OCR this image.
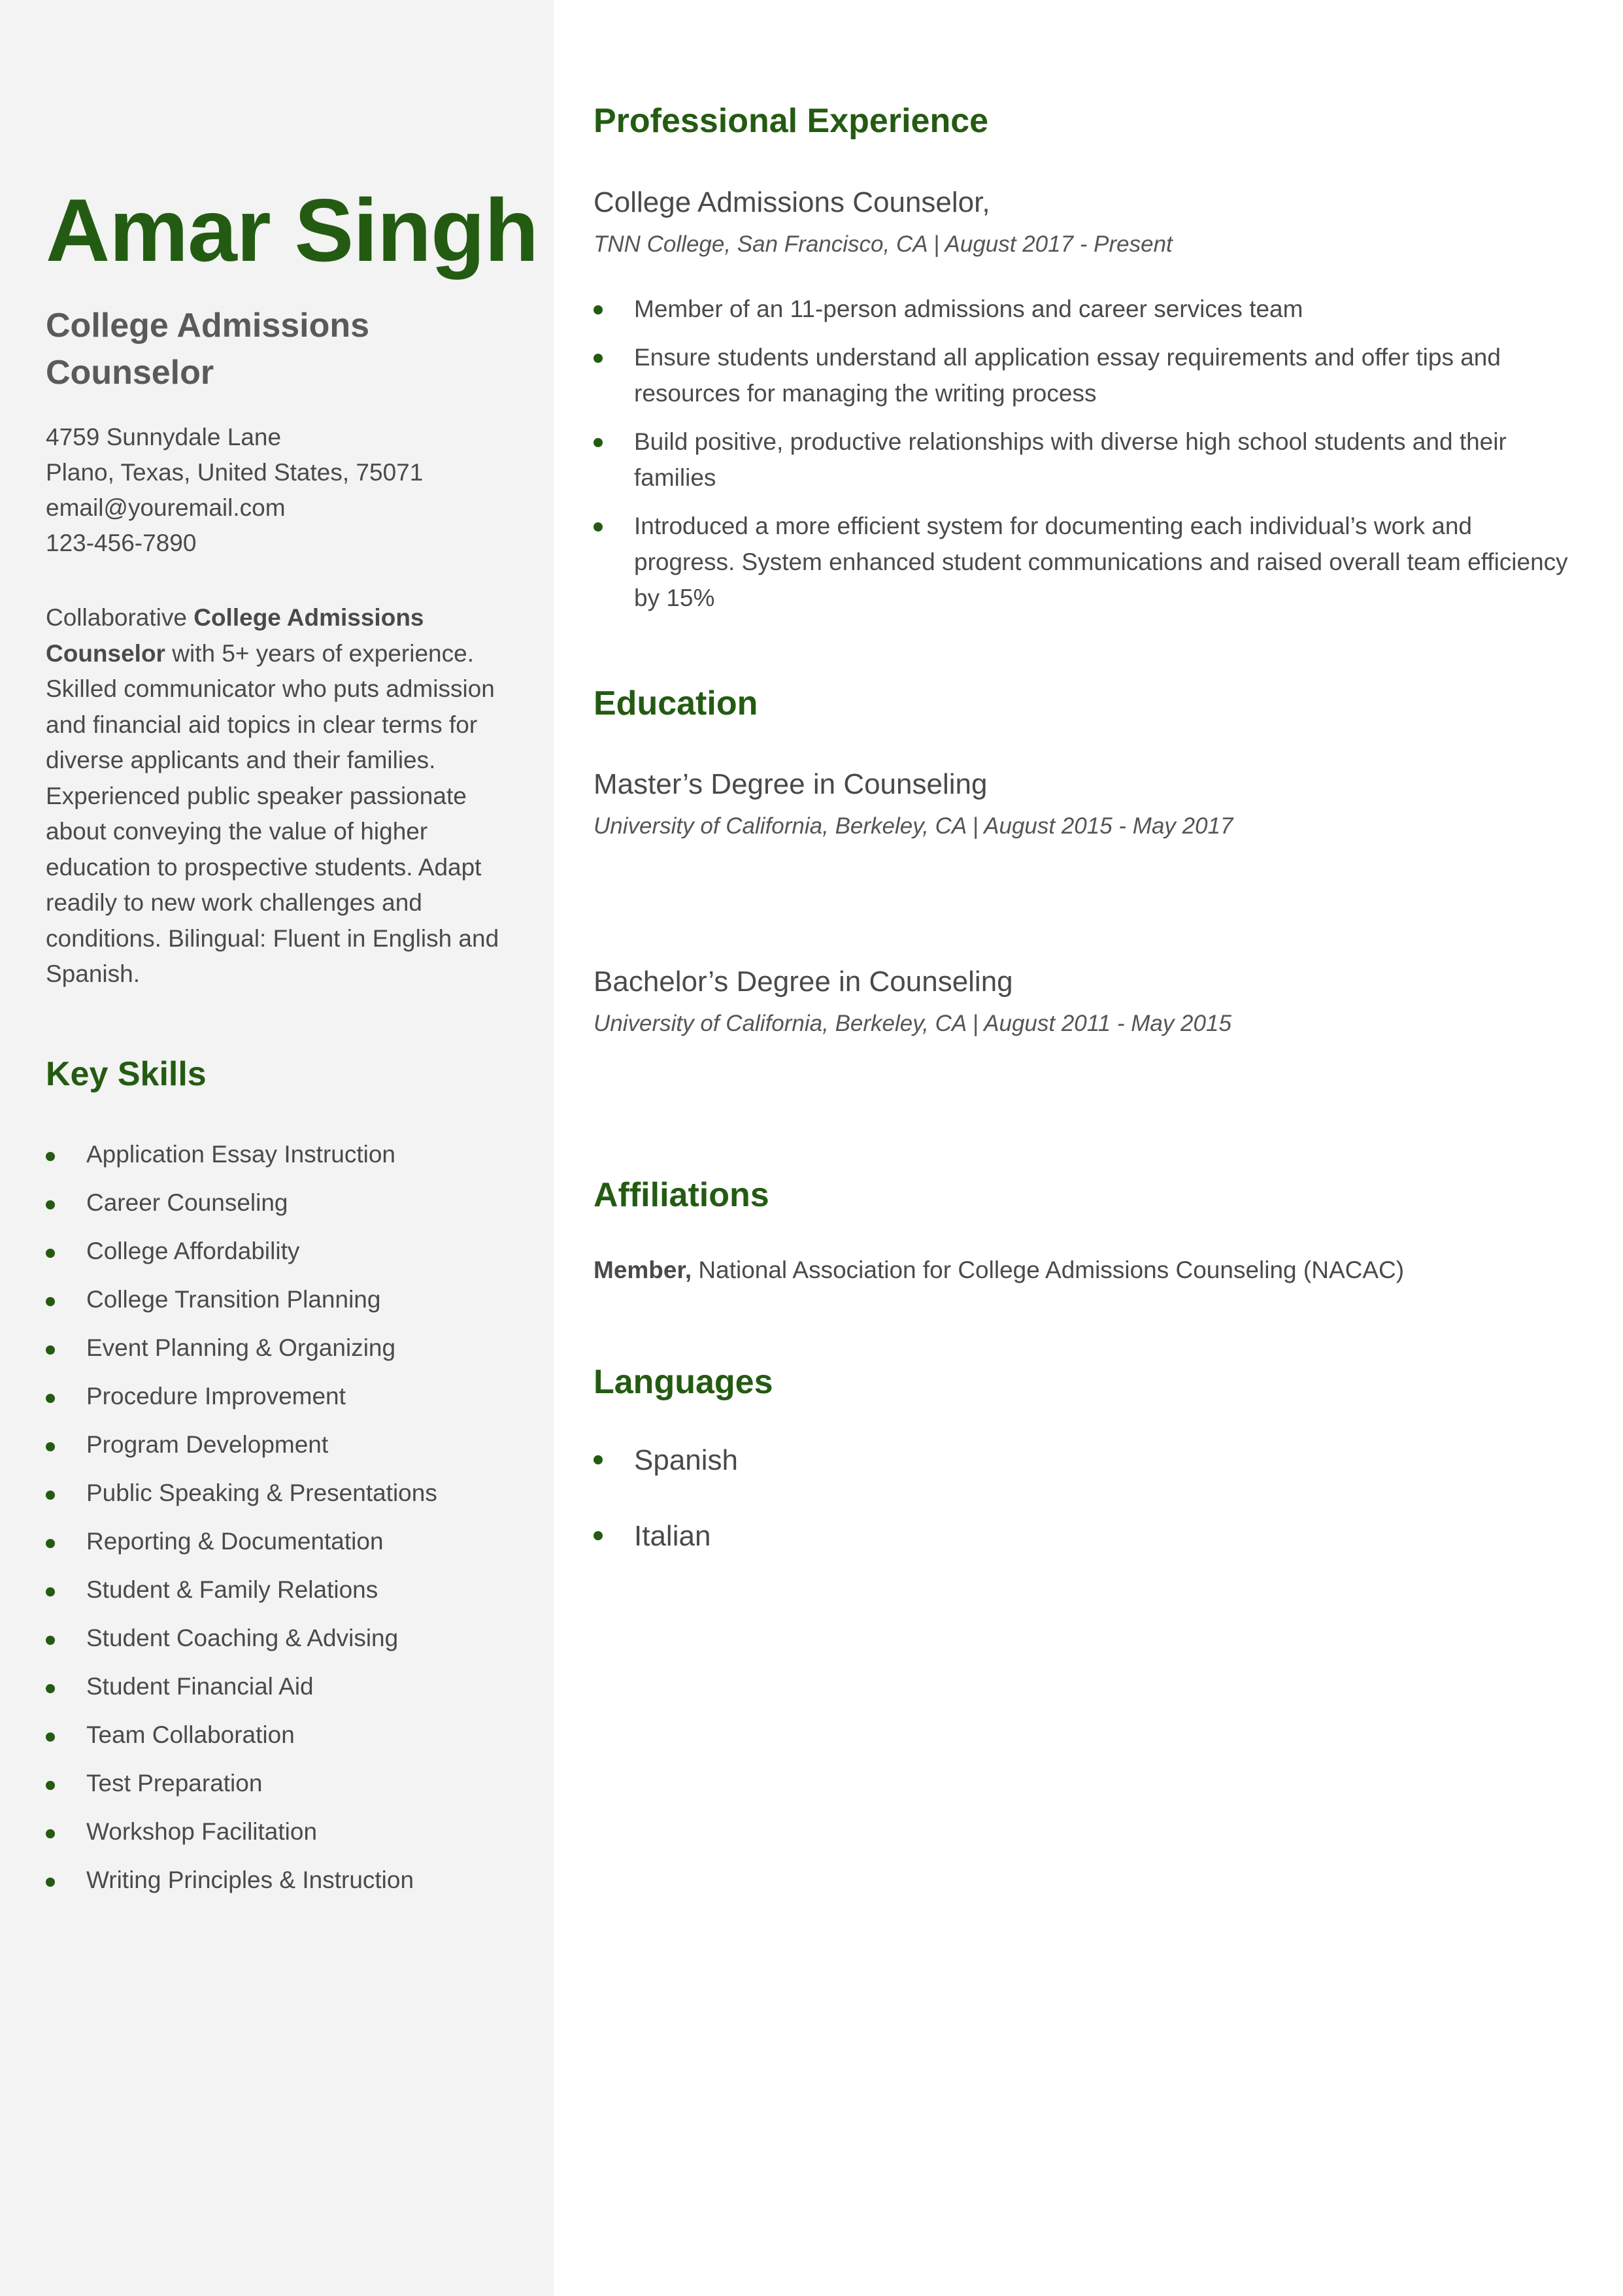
Amar Singh
College Admissions Counselor
4759 Sunnydale Lane
Plano, Texas, United States, 75071
email@youremail.com
123-456-7890
Collaborative College Admissions Counselor with 5+ years of experience. Skilled communicator who puts admission and financial aid topics in clear terms for diverse applicants and their families. Experienced public speaker passionate about conveying the value of higher education to prospective students. Adapt readily to new work challenges and conditions. Bilingual: Fluent in English and Spanish.
Key Skills
Application Essay Instruction
Career Counseling
College Affordability
College Transition Planning
Event Planning & Organizing
Procedure Improvement
Program Development
Public Speaking & Presentations
Reporting & Documentation
Student & Family Relations
Student Coaching & Advising
Student Financial Aid
Team Collaboration
Test Preparation
Workshop Facilitation
Writing Principles & Instruction
Professional Experience
College Admissions Counselor,
TNN College, San Francisco, CA | August 2017 - Present
Member of an 11-person admissions and career services team
Ensure students understand all application essay requirements and offer tips and resources for managing the writing process
Build positive, productive relationships with diverse high school students and their families
Introduced a more efficient system for documenting each individual’s work and progress. System enhanced student communications and raised overall team efficiency by 15%
Education
Master’s Degree in Counseling
University of California, Berkeley, CA | August 2015 - May 2017
Bachelor’s Degree in Counseling
University of California, Berkeley, CA | August 2011 - May 2015
Affiliations
Member, National Association for College Admissions Counseling (NACAC)
Languages
Spanish
Italian
